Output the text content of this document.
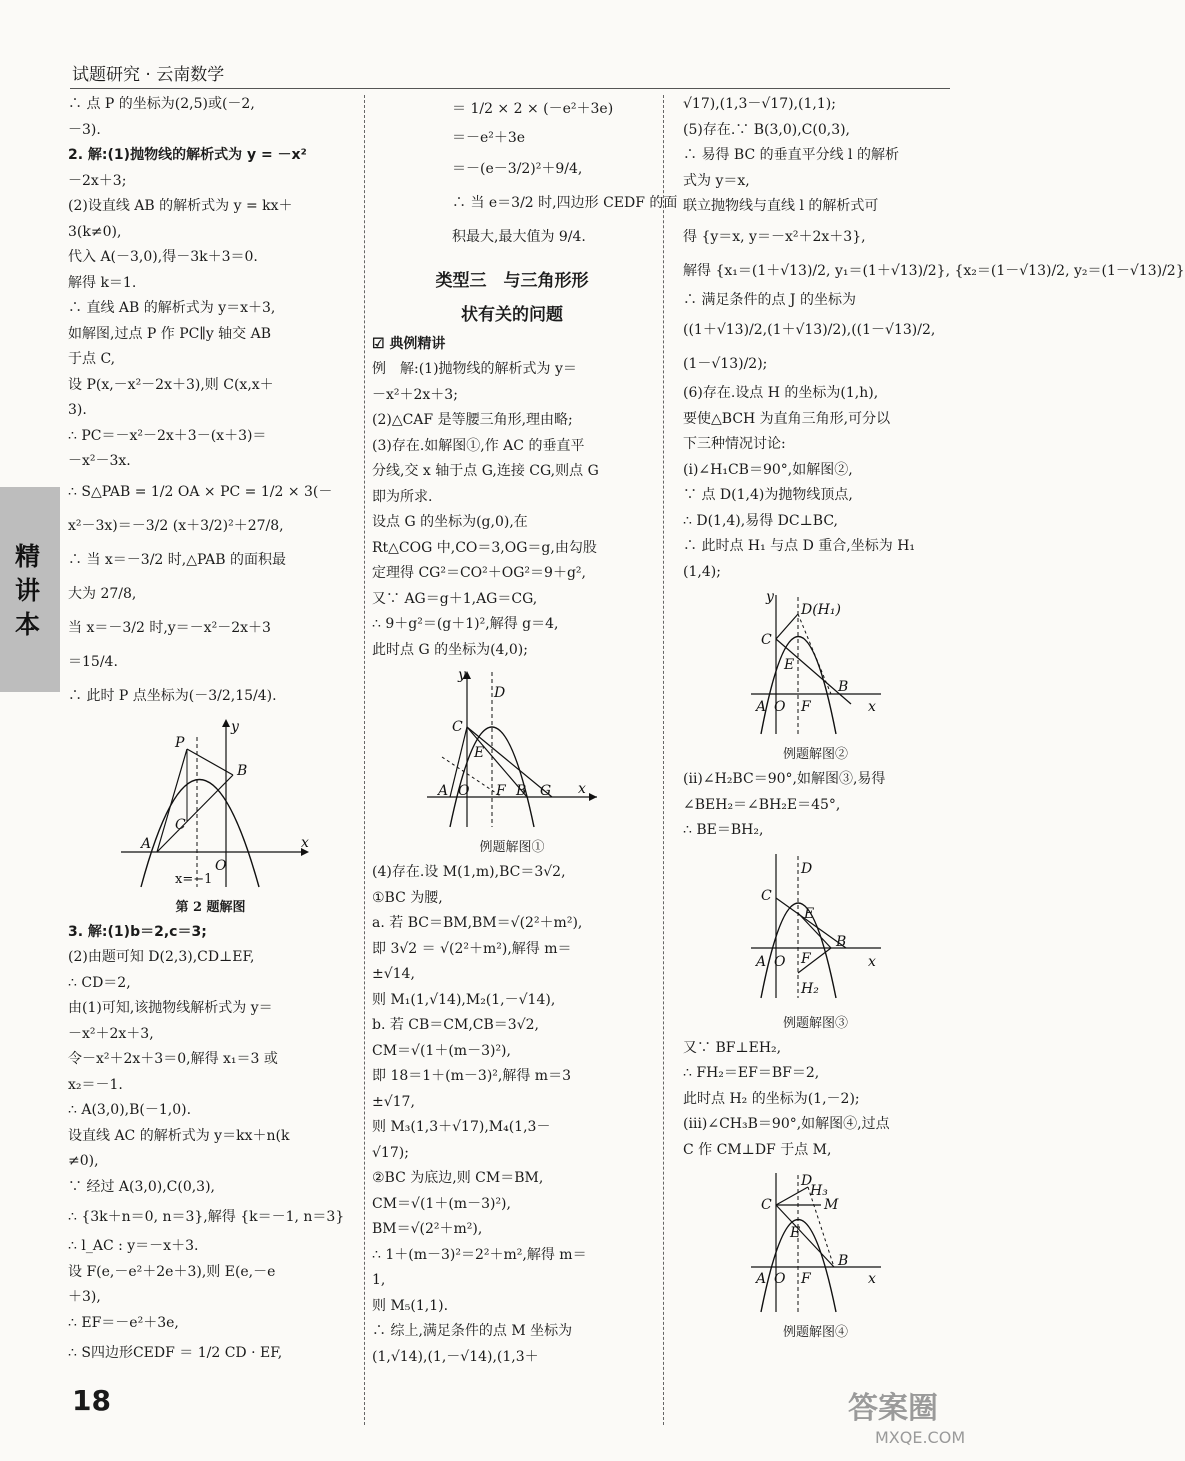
试题研究 · 云南数学
精讲本
∴ 点 P 的坐标为(2,5)或(－2,
－3).
2. 解:(1)抛物线的解析式为 y = －x²
－2x＋3;
(2)设直线 AB 的解析式为 y = kx＋
3(k≠0),
代入 A(－3,0),得－3k＋3＝0.
解得 k＝1.
∴ 直线 AB 的解析式为 y＝x＋3,
如解图,过点 P 作 PC∥y 轴交 AB
于点 C,
设 P(x,－x²－2x＋3),则 C(x,x＋
3).
∴ PC＝－x²－2x＋3－(x＋3)＝
－x²－3x.
∴ S△PAB = 1/2 OA × PC = 1/2 × 3(－
x²－3x)＝－3/2 (x＋3/2)²＋27/8,
∴ 当 x＝－3/2 时,△PAB 的面积最
大为 27/8,
当 x＝－3/2 时,y＝－x²－2x＋3
＝15/4.
∴ 此时 P 点坐标为(－3/2,15/4).
y
x
P
B
C
A
O
x=−1
第 2 题解图
3. 解:(1)b＝2,c＝3;
(2)由题可知 D(2,3),CD⊥EF,
∴ CD＝2,
由(1)可知,该抛物线解析式为 y＝
－x²＋2x＋3,
令－x²＋2x＋3＝0,解得 x₁＝3 或
x₂＝－1.
∴ A(3,0),B(－1,0).
设直线 AC 的解析式为 y＝kx＋n(k
≠0),
∵ 经过 A(3,0),C(0,3),
∴ {3k＋n＝0, n＝3},解得 {k＝－1, n＝3}
∴ l_AC : y＝－x＋3.
设 F(e,－e²＋2e＋3),则 E(e,－e
＋3),
∴ EF＝－e²＋3e,
∴ S四边形CEDF ＝ 1/2 CD · EF,
＝ 1/2 × 2 × (－e²＋3e)
＝－e²＋3e
＝－(e－3/2)²＋9/4,
∴ 当 e＝3/2 时,四边形 CEDF 的面
积最大,最大值为 9/4.
类型三　与三角形形
状有关的问题
☑ 典例精讲
例　解:(1)抛物线的解析式为 y＝
－x²＋2x＋3;
(2)△CAF 是等腰三角形,理由略;
(3)存在.如解图①,作 AC 的垂直平
分线,交 x 轴于点 G,连接 CG,则点 G
即为所求.
设点 G 的坐标为(g,0),在
Rt△COG 中,CO＝3,OG＝g,由勾股
定理得 CG²＝CO²＋OG²＝9＋g²,
又∵ AG＝g＋1,AG＝CG,
∴ 9＋g²＝(g＋1)²,解得 g＝4,
此时点 G 的坐标为(4,0);
y
D
C
E
A O F B G x
例题解图①
(4)存在.设 M(1,m),BC＝3√2,
①BC 为腰,
a. 若 BC＝BM,BM＝√(2²＋m²),
即 3√2 ＝ √(2²＋m²),解得 m＝
±√14,
则 M₁(1,√14),M₂(1,－√14),
b. 若 CB＝CM,CB＝3√2,
CM＝√(1＋(m－3)²),
即 18＝1＋(m－3)²,解得 m＝3
±√17,
则 M₃(1,3＋√17),M₄(1,3－
√17);
②BC 为底边,则 CM＝BM,
CM＝√(1＋(m－3)²),
BM＝√(2²＋m²),
∴ 1＋(m－3)²＝2²＋m²,解得 m＝
1,
则 M₅(1,1).
∴ 综上,满足条件的点 M 坐标为
(1,√14),(1,－√14),(1,3＋
√17),(1,3－√17),(1,1);
(5)存在.∵ B(3,0),C(0,3),
∴ 易得 BC 的垂直平分线 l 的解析
式为 y＝x,
联立抛物线与直线 l 的解析式可
得 {y＝x, y＝－x²＋2x＋3},
解得 {x₁＝(1＋√13)/2, y₁＝(1＋√13)/2}, {x₂＝(1－√13)/2, y₂＝(1－√13)/2}
∴ 满足条件的点 J 的坐标为
((1＋√13)/2,(1＋√13)/2),((1－√13)/2,
(1－√13)/2);
(6)存在.设点 H 的坐标为(1,h),
要使△BCH 为直角三角形,可分以
下三种情况讨论:
(ⅰ)∠H₁CB＝90°,如解图②,
∵ 点 D(1,4)为抛物线顶点,
∴ D(1,4),易得 DC⊥BC,
∴ 此时点 H₁ 与点 D 重合,坐标为 H₁
(1,4);
y
D(H₁)
C
E
B
A O F	x
例题解图②
(ⅱ)∠H₂BC＝90°,如解图③,易得
∠BEH₂＝∠BH₂E＝45°,
∴ BE＝BH₂,
D
C
E
B
A O F
H₂
x
例题解图③
又∵ BF⊥EH₂,
∴ FH₂＝EF＝BF＝2,
此时点 H₂ 的坐标为(1,－2);
(ⅲ)∠CH₃B＝90°,如解图④,过点
C 作 CM⊥DF 于点 M,
D
H₃
M
C
E
B
A O F	x
例题解图④
18	答案圈
MXQE.COM
